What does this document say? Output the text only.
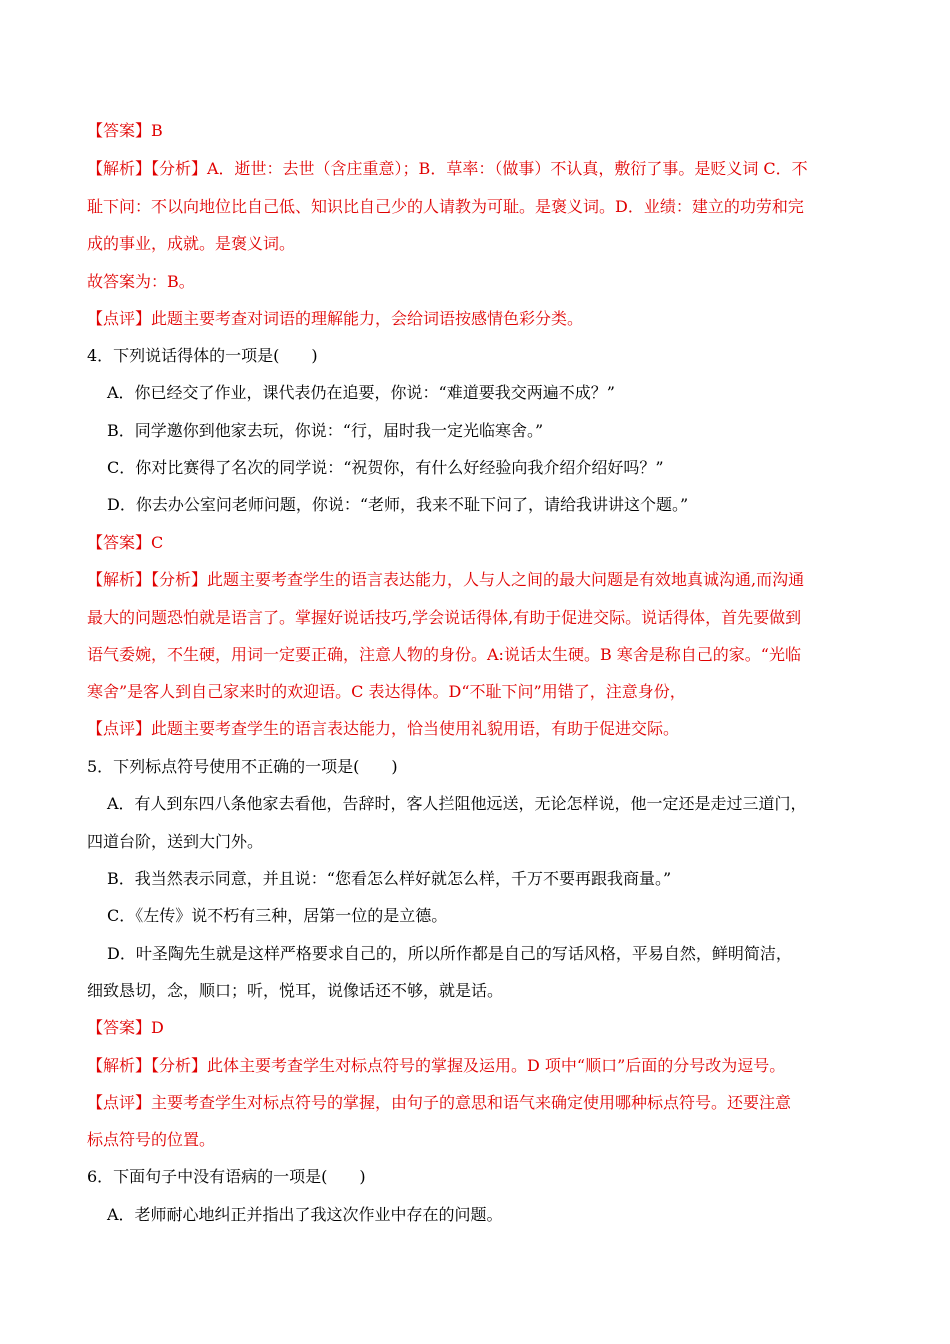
【答案】B
【解析】【分析】A．逝世：去世（含庄重意）；B．草率：（做事）不认真，敷衍了事。是贬义词 C．不
耻下问：不以向地位比自己低、知识比自己少的人请教为可耻。是褒义词。D．业绩：建立的功劳和完
成的事业，成就。是褒义词。
故答案为：B。
【点评】此题主要考查对词语的理解能力，会给词语按感情色彩分类。
4．下列说话得体的一项是(　　)
A．你已经交了作业，课代表仍在追要，你说：“难道要我交两遍不成？”
B．同学邀你到他家去玩，你说：“行，届时我一定光临寒舍。”
C．你对比赛得了名次的同学说：“祝贺你，有什么好经验向我介绍介绍好吗？”
D．你去办公室问老师问题，你说：“老师，我来不耻下问了，请给我讲讲这个题。”
【答案】C
【解析】【分析】此题主要考查学生的语言表达能力，人与人之间的最大问题是有效地真诚沟通,而沟通
最大的问题恐怕就是语言了。掌握好说话技巧,学会说话得体,有助于促进交际。说话得体，首先要做到
语气委婉，不生硬，用词一定要正确，注意人物的身份。A:说话太生硬。B 寒舍是称自己的家。“光临
寒舍”是客人到自己家来时的欢迎语。C 表达得体。D“不耻下问”用错了，注意身份，
【点评】此题主要考查学生的语言表达能力，恰当使用礼貌用语，有助于促进交际。
5．下列标点符号使用不正确的一项是(　　)
A．有人到东四八条他家去看他，告辞时，客人拦阻他远送，无论怎样说，他一定还是走过三道门，
四道台阶，送到大门外。
B．我当然表示同意，并且说：“您看怎么样好就怎么样，千万不要再跟我商量。”
C．《左传》说不朽有三种，居第一位的是立德。
D．叶圣陶先生就是这样严格要求自己的，所以所作都是自己的写话风格，平易自然，鲜明简洁，
细致恳切，念，顺口；听，悦耳，说像话还不够，就是话。
【答案】D
【解析】【分析】此体主要考查学生对标点符号的掌握及运用。D 项中“顺口”后面的分号改为逗号。
【点评】主要考查学生对标点符号的掌握，由句子的意思和语气来确定使用哪种标点符号。还要注意
标点符号的位置。
6．下面句子中没有语病的一项是(　　)
A．老师耐心地纠正并指出了我这次作业中存在的问题。
